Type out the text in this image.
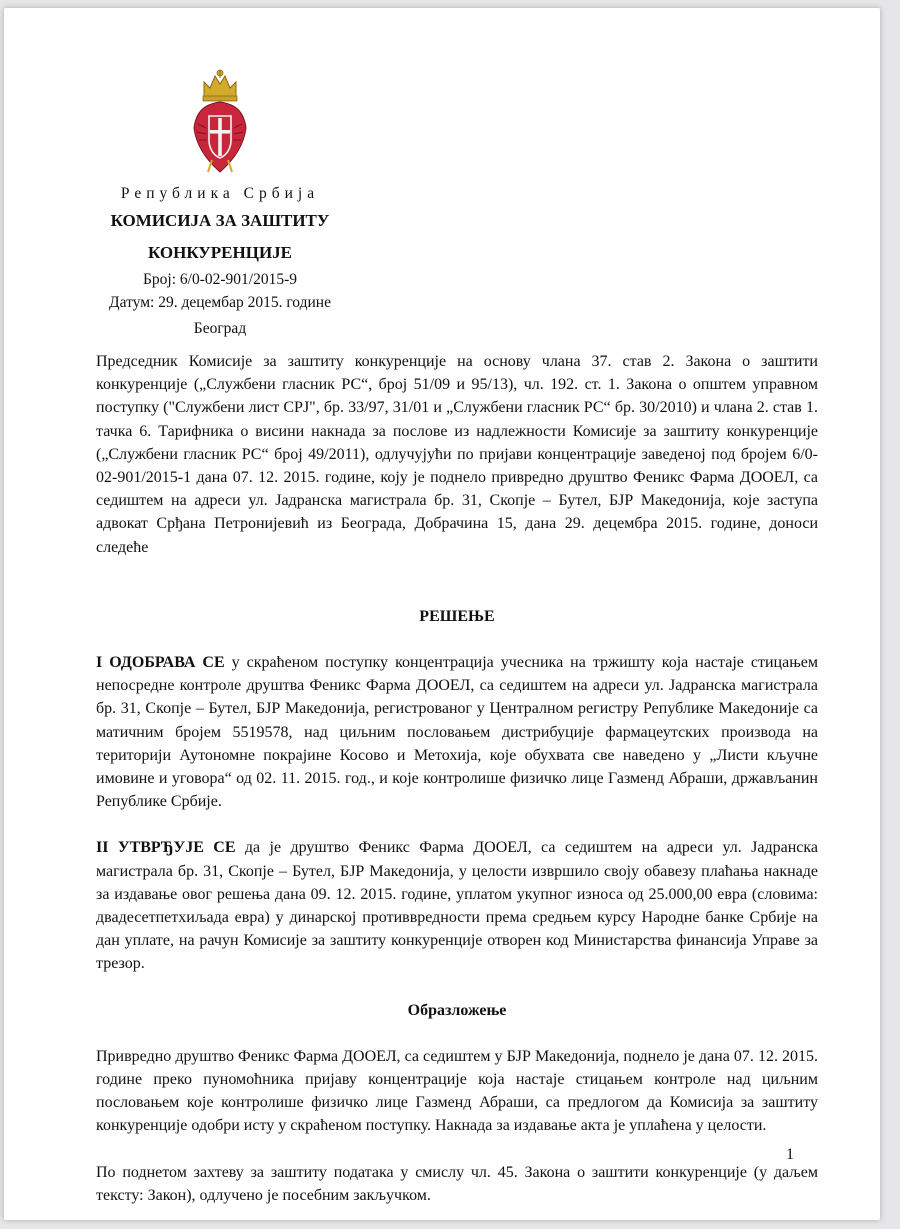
Република Србија
КОМИСИЈА ЗА ЗАШТИТУ
КОНКУРЕНЦИЈЕ
Број: 6/0-02-901/2015-9
Датум: 29. децембар 2015. године
Београд

Председник Комисије за заштиту конкуренције на основу члана 37. став 2. Закона о заштити конкуренције („Службени гласник РС“, број 51/09 и 95/13), чл. 192. ст. 1. Закона о општем управном поступку ("Службени лист СРЈ", бр. 33/97, 31/01 и „Службени гласник РС“ бр. 30/2010) и члана 2. став 1. тачка 6. Тарифника о висини накнада за послове из надлежности Комисије за заштиту конкуренције („Службени гласник РС“ број 49/2011), одлучујући по пријави концентрације заведеној под бројем 6/0-02-901/2015-1 дана 07. 12. 2015. године, коју је поднело привредно друштво Феникс Фарма ДООЕЛ, са седиштем на адреси ул. Јадранска магистрала бр. 31, Скопје – Бутел, БЈР Македонија, које заступа адвокат Срђана Петронијевић из Београда, Добрачина 15, дана 29. децембра 2015. године, доноси следеће

РЕШЕЊЕ

I ОДОБРАВА СЕ у скраћеном поступку концентрација учесника на тржишту која настаје стицањем непосредне контроле друштва Феникс Фарма ДООЕЛ, са седиштем на адреси ул. Јадранска магистрала бр. 31, Скопје – Бутел, БЈР Македонија, регистрованог у Централном регистру Републике Македоније са матичним бројем 5519578, над циљним пословањем дистрибуције фармацеутских производа на територији Аутономне покрајине Косово и Метохија, које обухвата све наведено у „Листи кључне имовине и уговора“ од 02. 11. 2015. год., и које контролише физичко лице Газменд Абраши, држављанин Републике Србије.

II УТВРЂУЈЕ СЕ да је друштво Феникс Фарма ДООЕЛ, са седиштем на адреси ул. Јадранска магистрала бр. 31, Скопје – Бутел, БЈР Македонија, у целости извршило своју обавезу плаћања накнаде за издавање овог решења дана 09. 12. 2015. године, уплатом укупног износа од 25.000,00 евра (словима: двадесетпетхиљада евра) у динарској противвредности према средњем курсу Народне банке Србије на дан уплате, на рачун Комисије за заштиту конкуренције отворен код Министарства финансија Управе за трезор.

Образложење

Привредно друштво Феникс Фарма ДООЕЛ, са седиштем у БЈР Македонија, поднело је дана 07. 12. 2015. године преко пуномоћника пријаву концентрације која настаје стицањем контроле над циљним пословањем које контролише физичко лице Газменд Абраши, са предлогом да Комисија за заштиту конкуренције одобри исту у скраћеном поступку. Накнада за издавање акта је уплаћена у целости.

По поднетом захтеву за заштиту података у смислу чл. 45. Закона о заштити конкуренције (у даљем тексту: Закон), одлучено је посебним закључком.

1
